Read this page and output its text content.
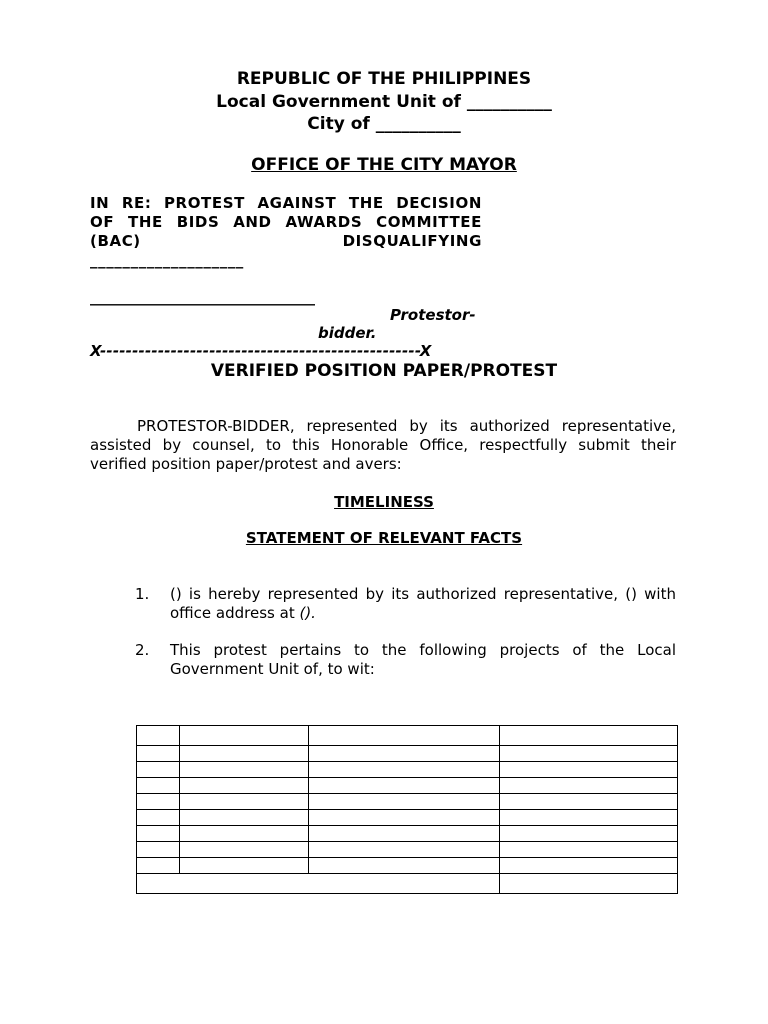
REPUBLIC OF THE PHILIPPINES
Local Government Unit of __________
City of __________
OFFICE OF THE CITY MAYOR
IN RE: PROTEST AGAINST THE DECISION
OF THE BIDS AND AWARDS COMMITTEE
(BAC)	DISQUALIFYING
___________________
______________________________
Protestor-
bidder.
X--------------------------------------------------X
VERIFIED POSITION PAPER/PROTEST
PROTESTOR-BIDDER, represented by its authorized representative,
assisted by counsel, to this Honorable Office, respectfully submit their
verified position paper/protest and avers:
TIMELINESS
STATEMENT OF RELEVANT FACTS
1. () is hereby represented by its authorized representative, () with
office address at ().
2. This protest pertains to the following projects of the Local
Government Unit of, to wit:
